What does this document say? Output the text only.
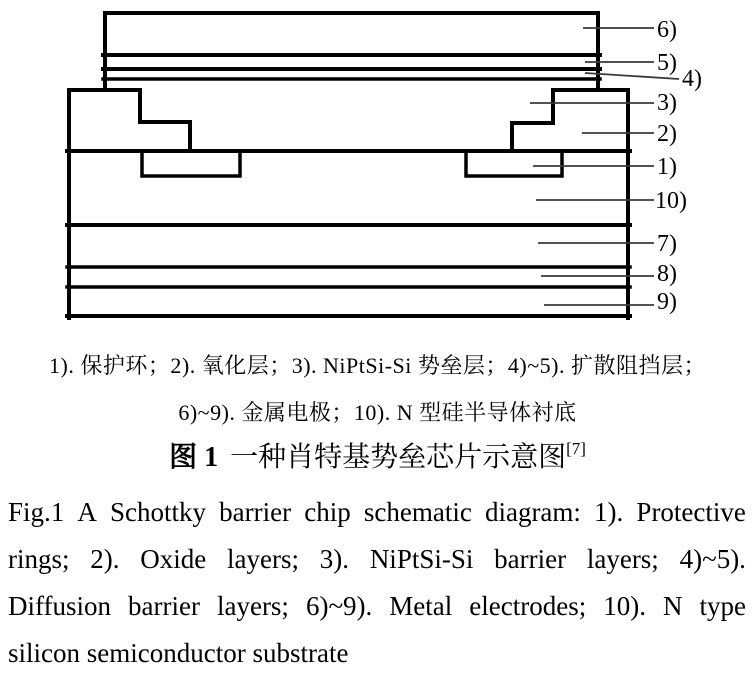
6)
5)
4)
3)
2)
1)
10)
7)
8)
9)
1). 保护环；2). 氧化层；3). NiPtSi-Si 势垒层；4)~5). 扩散阻挡层；
6)~9). 金属电极；10). N 型硅半导体衬底
图 1 一种肖特基势垒芯片示意图[7]
Fig.1 A Schottky barrier chip schematic diagram: 1). Protective
rings; 2). Oxide layers; 3). NiPtSi-Si barrier layers; 4)~5).
Diffusion barrier layers; 6)~9). Metal electrodes; 10). N type
silicon semiconductor substrate
